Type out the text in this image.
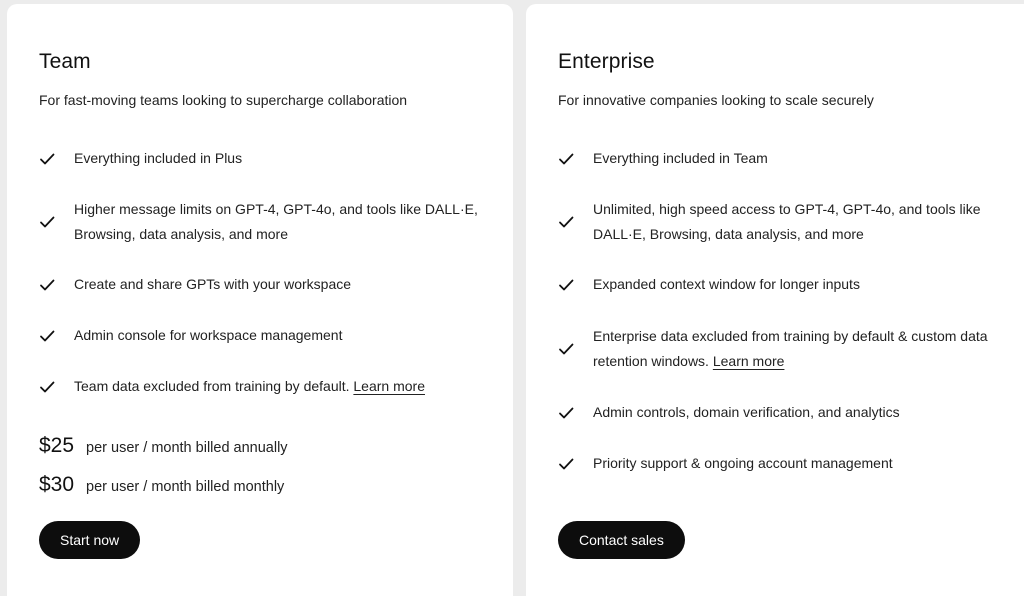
Team

For fast-moving teams looking to supercharge collaboration

Everything included in Plus
Higher message limits on GPT-4, GPT-4o, and tools like DALL·E, Browsing, data analysis, and more
Create and share GPTs with your workspace
Admin console for workspace management
Team data excluded from training by default. Learn more
$25 per user / month billed annually
$30 per user / month billed monthly
Start now
Enterprise

For innovative companies looking to scale securely

Everything included in Team
Unlimited, high speed access to GPT-4, GPT-4o, and tools like DALL·E, Browsing, data analysis, and more
Expanded context window for longer inputs
Enterprise data excluded from training by default & custom data retention windows. Learn more
Admin controls, domain verification, and analytics
Priority support & ongoing account management
Contact sales
